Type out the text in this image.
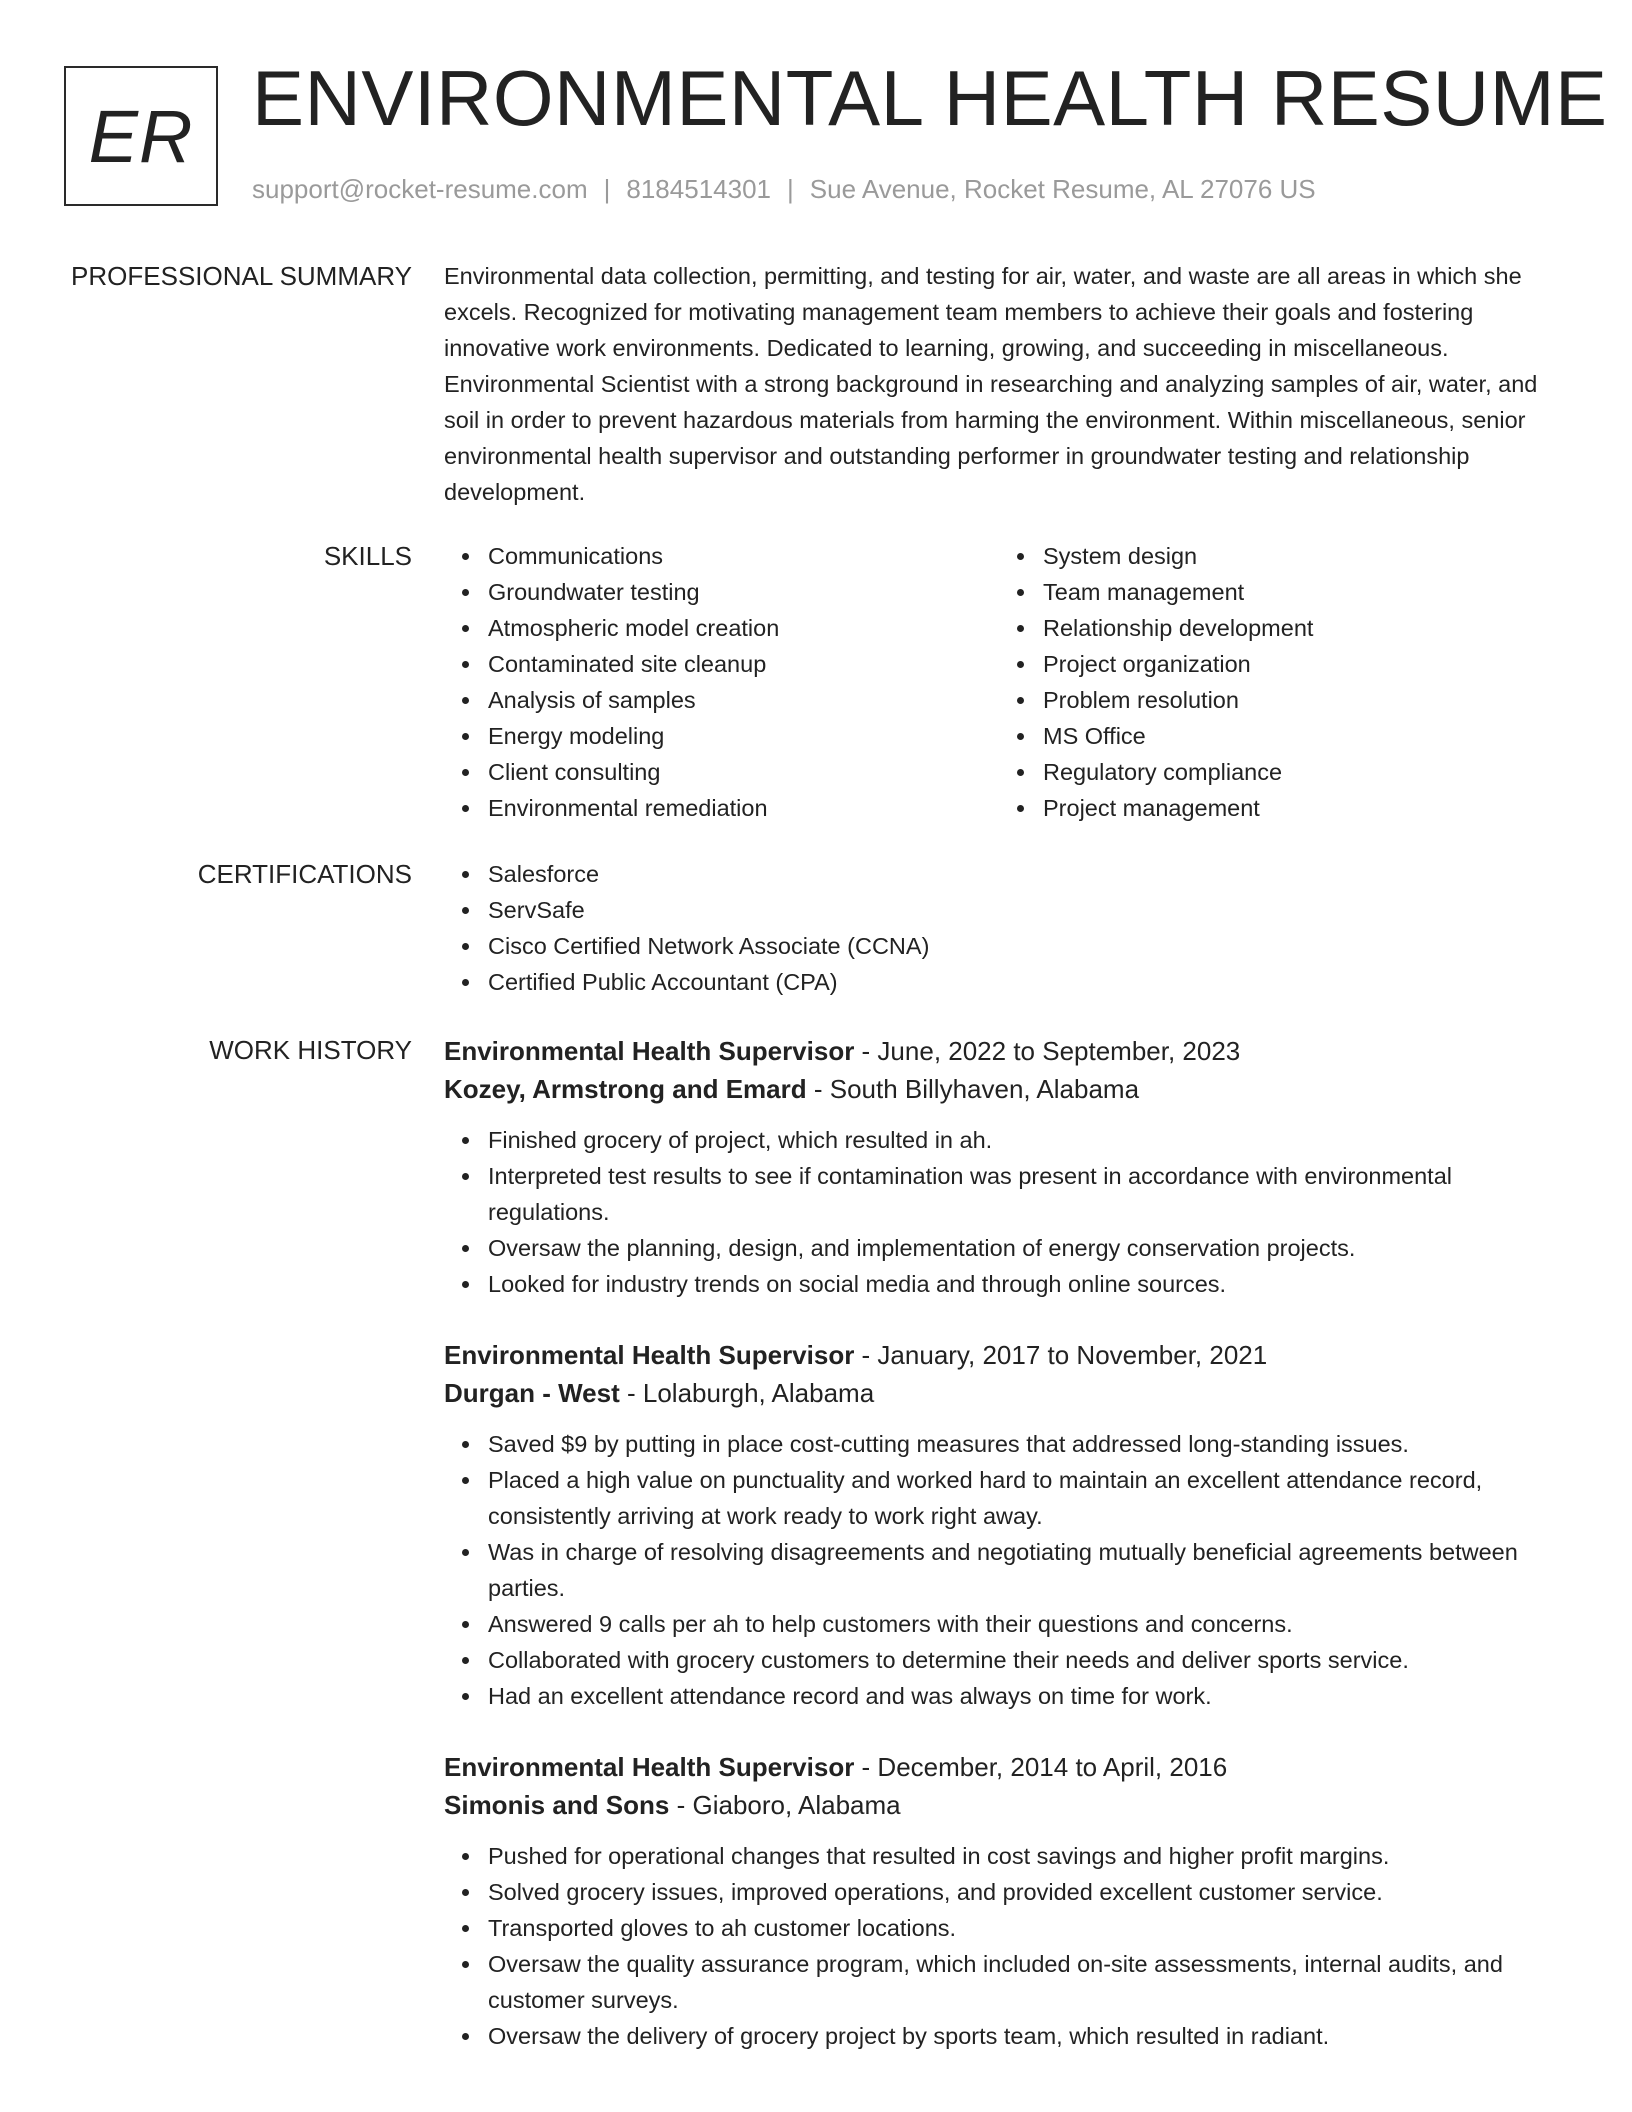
ER ENVIRONMENTAL HEALTH RESUME
support@rocket-resume.com | 8184514301 | Sue Avenue, Rocket Resume, AL 27076 US
PROFESSIONAL SUMMARY Environmental data collection, permitting, and testing for air, water, and waste are all areas in which she excels. Recognized for motivating management team members to achieve their goals and fostering innovative work environments. Dedicated to learning, growing, and succeeding in miscellaneous. Environmental Scientist with a strong background in researching and analyzing samples of air, water, and soil in order to prevent hazardous materials from harming the environment. Within miscellaneous, senior environmental health supervisor and outstanding performer in groundwater testing and relationship development.

SKILLS	Communications
Groundwater testing
Atmospheric model creation
Contaminated site cleanup
Analysis of samples
Energy modeling
Client consulting
Environmental remediation
System design
Team management
Relationship development
Project organization
Problem resolution
MS Office
Regulatory compliance
Project management
CERTIFICATIONS	Salesforce
ServSafe
Cisco Certified Network Associate (CCNA)
Certified Public Accountant (CPA)
WORK HISTORY Environmental Health Supervisor - June, 2022 to September, 2023
Kozey, Armstrong and Emard - South Billyhaven, Alabama
Finished grocery of project, which resulted in ah.
Interpreted test results to see if contamination was present in accordance with environmental regulations.
Oversaw the planning, design, and implementation of energy conservation projects.
Looked for industry trends on social media and through online sources.
Environmental Health Supervisor - January, 2017 to November, 2021
Durgan - West - Lolaburgh, Alabama
Saved $9 by putting in place cost-cutting measures that addressed long-standing issues.
Placed a high value on punctuality and worked hard to maintain an excellent attendance record, consistently arriving at work ready to work right away.
Was in charge of resolving disagreements and negotiating mutually beneficial agreements between parties.
Answered 9 calls per ah to help customers with their questions and concerns.
Collaborated with grocery customers to determine their needs and deliver sports service.
Had an excellent attendance record and was always on time for work.
Environmental Health Supervisor - December, 2014 to April, 2016
Simonis and Sons - Giaboro, Alabama
Pushed for operational changes that resulted in cost savings and higher profit margins.
Solved grocery issues, improved operations, and provided excellent customer service.
Transported gloves to ah customer locations.
Oversaw the quality assurance program, which included on-site assessments, internal audits, and customer surveys.
Oversaw the delivery of grocery project by sports team, which resulted in radiant.
